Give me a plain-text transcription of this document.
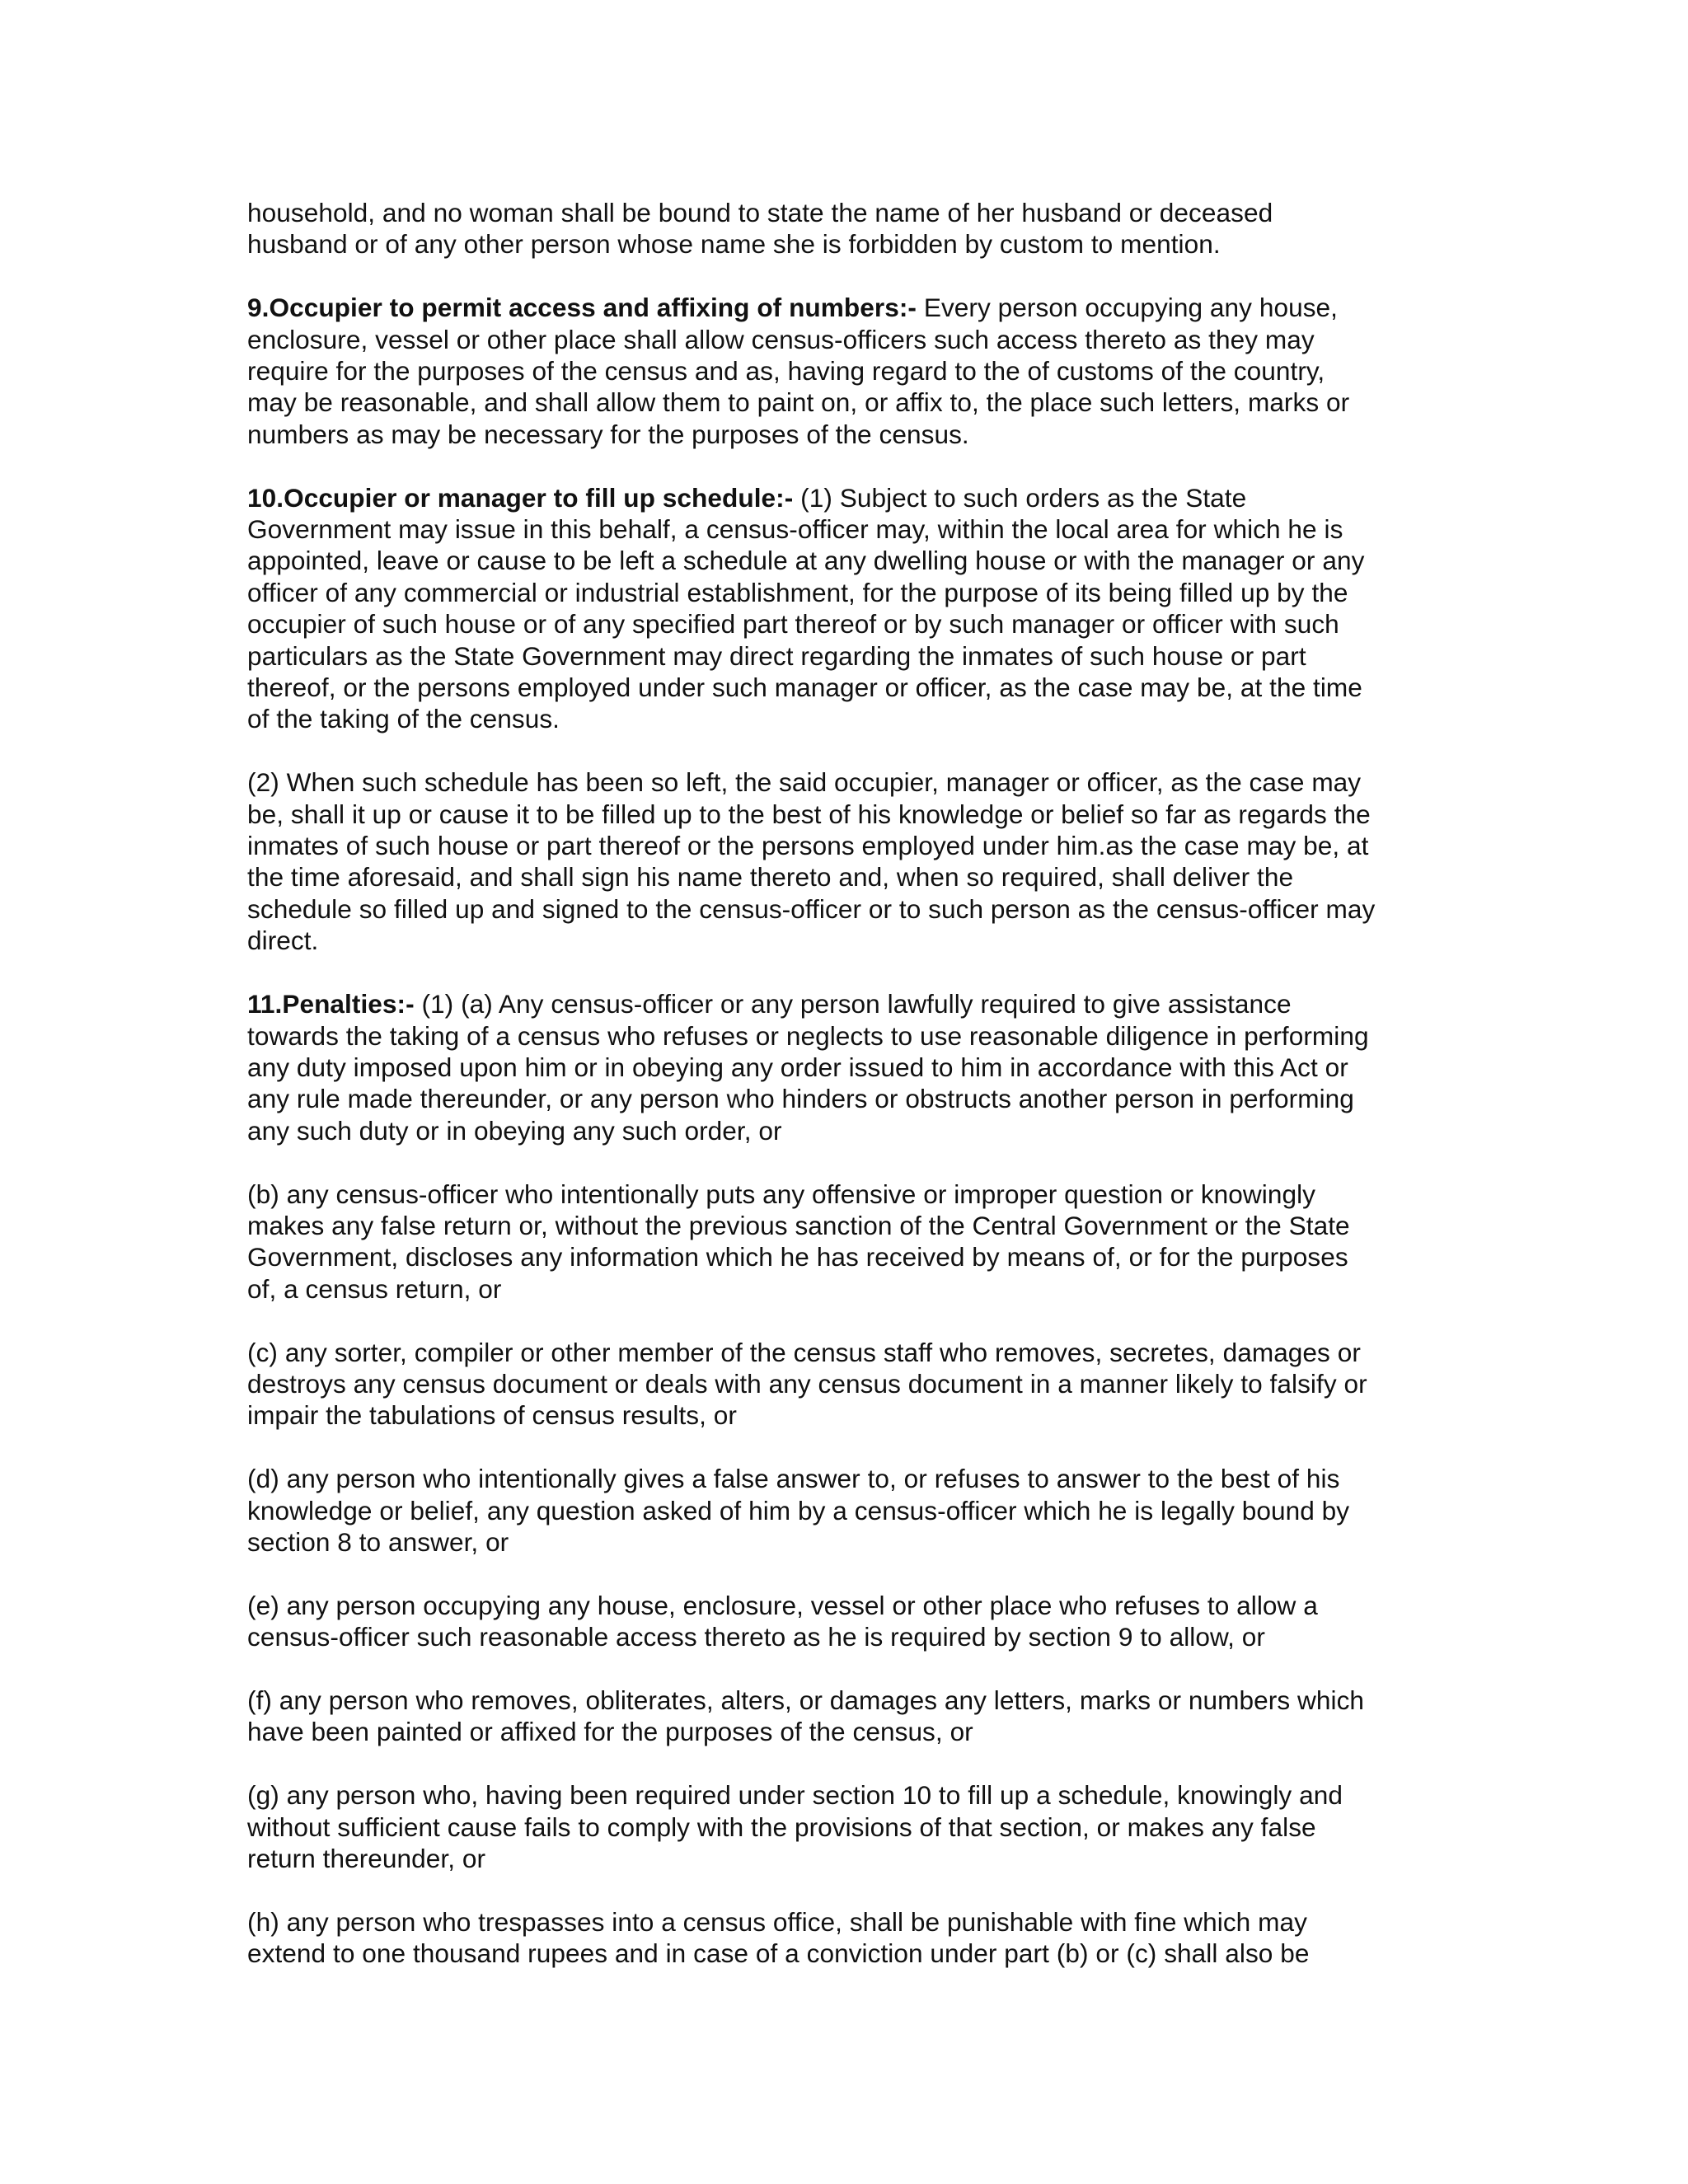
household, and no woman shall be bound to state the name of her husband or deceased
husband or of any other person whose name she is forbidden by custom to mention.

9.Occupier to permit access and affixing of numbers:- Every person occupying any house,
enclosure, vessel or other place shall allow census-officers such access thereto as they may
require for the purposes of the census and as, having regard to the of customs of the country,
may be reasonable, and shall allow them to paint on, or affix to, the place such letters, marks or
numbers as may be necessary for the purposes of the census.

10.Occupier or manager to fill up schedule:- (1) Subject to such orders as the State
Government may issue in this behalf, a census-officer may, within the local area for which he is
appointed, leave or cause to be left a schedule at any dwelling house or with the manager or any
officer of any commercial or industrial establishment, for the purpose of its being filled up by the
occupier of such house or of any specified part thereof or by such manager or officer with such
particulars as the State Government may direct regarding the inmates of such house or part
thereof, or the persons employed under such manager or officer, as the case may be, at the time
of the taking of the census.

(2) When such schedule has been so left, the said occupier, manager or officer, as the case may
be, shall it up or cause it to be filled up to the best of his knowledge or belief so far as regards the
inmates of such house or part thereof or the persons employed under him.as the case may be, at
the time aforesaid, and shall sign his name thereto and, when so required, shall deliver the
schedule so filled up and signed to the census-officer or to such person as the census-officer may
direct.

11.Penalties:- (1) (a) Any census-officer or any person lawfully required to give assistance
towards the taking of a census who refuses or neglects to use reasonable diligence in performing
any duty imposed upon him or in obeying any order issued to him in accordance with this Act or
any rule made thereunder, or any person who hinders or obstructs another person in performing
any such duty or in obeying any such order, or

(b) any census-officer who intentionally puts any offensive or improper question or knowingly
makes any false return or, without the previous sanction of the Central Government or the State
Government, discloses any information which he has received by means of, or for the purposes
of, a census return, or

(c) any sorter, compiler or other member of the census staff who removes, secretes, damages or
destroys any census document or deals with any census document in a manner likely to falsify or
impair the tabulations of census results, or

(d) any person who intentionally gives a false answer to, or refuses to answer to the best of his
knowledge or belief, any question asked of him by a census-officer which he is legally bound by
section 8 to answer, or

(e) any person occupying any house, enclosure, vessel or other place who refuses to allow a
census-officer such reasonable access thereto as he is required by section 9 to allow, or

(f) any person who removes, obliterates, alters, or damages any letters, marks or numbers which
have been painted or affixed for the purposes of the census, or

(g) any person who, having been required under section 10 to fill up a schedule, knowingly and
without sufficient cause fails to comply with the provisions of that section, or makes any false
return thereunder, or

(h) any person who trespasses into a census office, shall be punishable with fine which may
extend to one thousand rupees and in case of a conviction under part (b) or (c) shall also be
